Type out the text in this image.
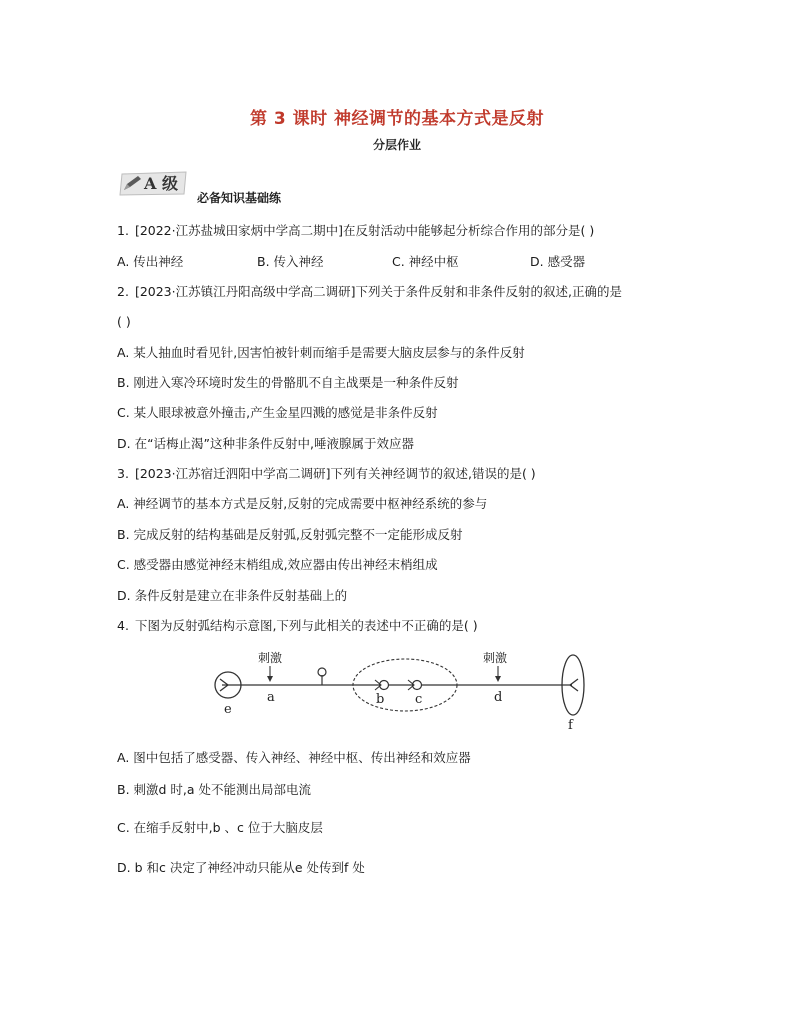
第 3 课时 神经调节的基本方式是反射
分层作业
A 级
必备知识基础练
1. [2022·江苏盐城田家炳中学高二期中]在反射活动中能够起分析综合作用的部分是( )
A. 传出神经	B. 传入神经	C. 神经中枢	D. 感受器
2. [2023·江苏镇江丹阳高级中学高二调研]下列关于条件反射和非条件反射的叙述,正确的是
( )
A. 某人抽血时看见针,因害怕被针刺而缩手是需要大脑皮层参与的条件反射
B. 刚进入寒冷环境时发生的骨骼肌不自主战栗是一种条件反射
C. 某人眼球被意外撞击,产生金星四溅的感觉是非条件反射
D. 在“话梅止渴”这种非条件反射中,唾液腺属于效应器
3. [2023·江苏宿迁泗阳中学高二调研]下列有关神经调节的叙述,错误的是( )
A. 神经调节的基本方式是反射,反射的完成需要中枢神经系统的参与
B. 完成反射的结构基础是反射弧,反射弧完整不一定能形成反射
C. 感受器由感觉神经末梢组成,效应器由传出神经末梢组成
D. 条件反射是建立在非条件反射基础上的
4. 下图为反射弧结构示意图,下列与此相关的表述中不正确的是( )
刺激	刺激
a	b c	d
e
f
A. 图中包括了感受器、传入神经、神经中枢、传出神经和效应器
B. 刺激d 时,a 处不能测出局部电流
C. 在缩手反射中,b 、c 位于大脑皮层
D. b 和c 决定了神经冲动只能从e 处传到f 处
